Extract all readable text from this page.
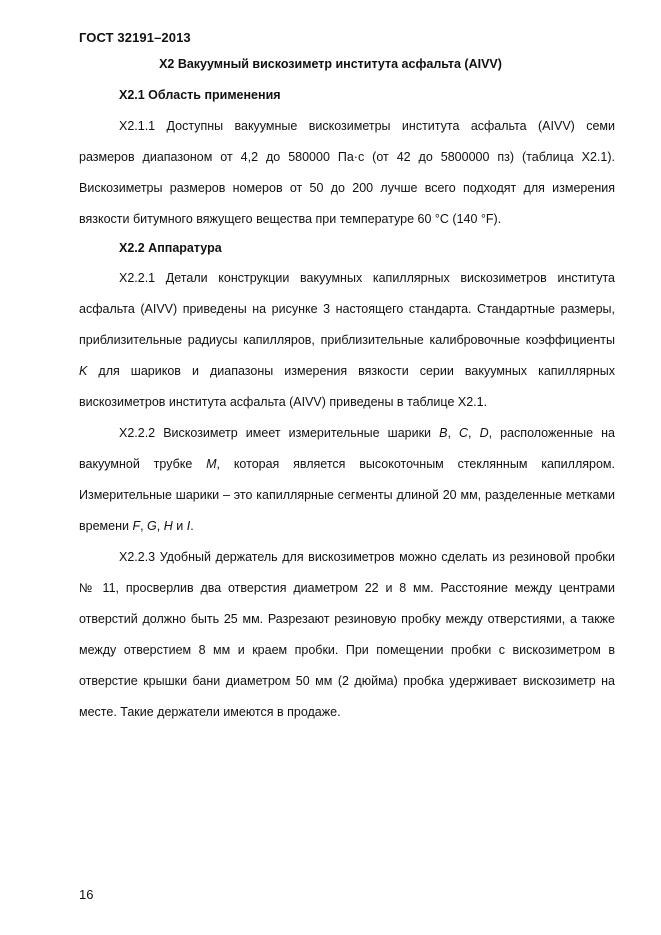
ГОСТ 32191–2013
X2 Вакуумный вискозиметр института асфальта (AIVV)
X2.1 Область применения

X2.1.1 Доступны вакуумные вискозиметры института асфальта (AIVV) семи размеров диапазоном от 4,2 до 580000 Па·с (от 42 до 5800000 пз) (таблица X2.1). Вискозиметры размеров номеров от 50 до 200 лучше всего подходят для измерения вязкости битумного вяжущего вещества при температуре 60 °С (140 °F).

X2.2 Аппаратура

X2.2.1 Детали конструкции вакуумных капиллярных вискозиметров института асфальта (AIVV) приведены на рисунке 3 настоящего стандарта. Стандартные размеры, приблизительные радиусы капилляров, приблизительные калибровочные коэффициенты K для шариков и диапазоны измерения вязкости серии вакуумных капиллярных вискозиметров института асфальта (AIVV) приведены в таблице X2.1.

X2.2.2 Вискозиметр имеет измерительные шарики B, C, D, расположенные на вакуумной трубке M, которая является высокоточным стеклянным капилляром. Измерительные шарики – это капиллярные сегменты длиной 20 мм, разделенные метками времени F, G, H и I.

X2.2.3 Удобный держатель для вискозиметров можно сделать из резиновой пробки № 11, просверлив два отверстия диаметром 22 и 8 мм. Расстояние между центрами отверстий должно быть 25 мм. Разрезают резиновую пробку между отверстиями, а также между отверстием 8 мм и краем пробки. При помещении пробки с вискозиметром в отверстие крышки бани диаметром 50 мм (2 дюйма) пробка удерживает вискозиметр на месте. Такие держатели имеются в продаже.

16
